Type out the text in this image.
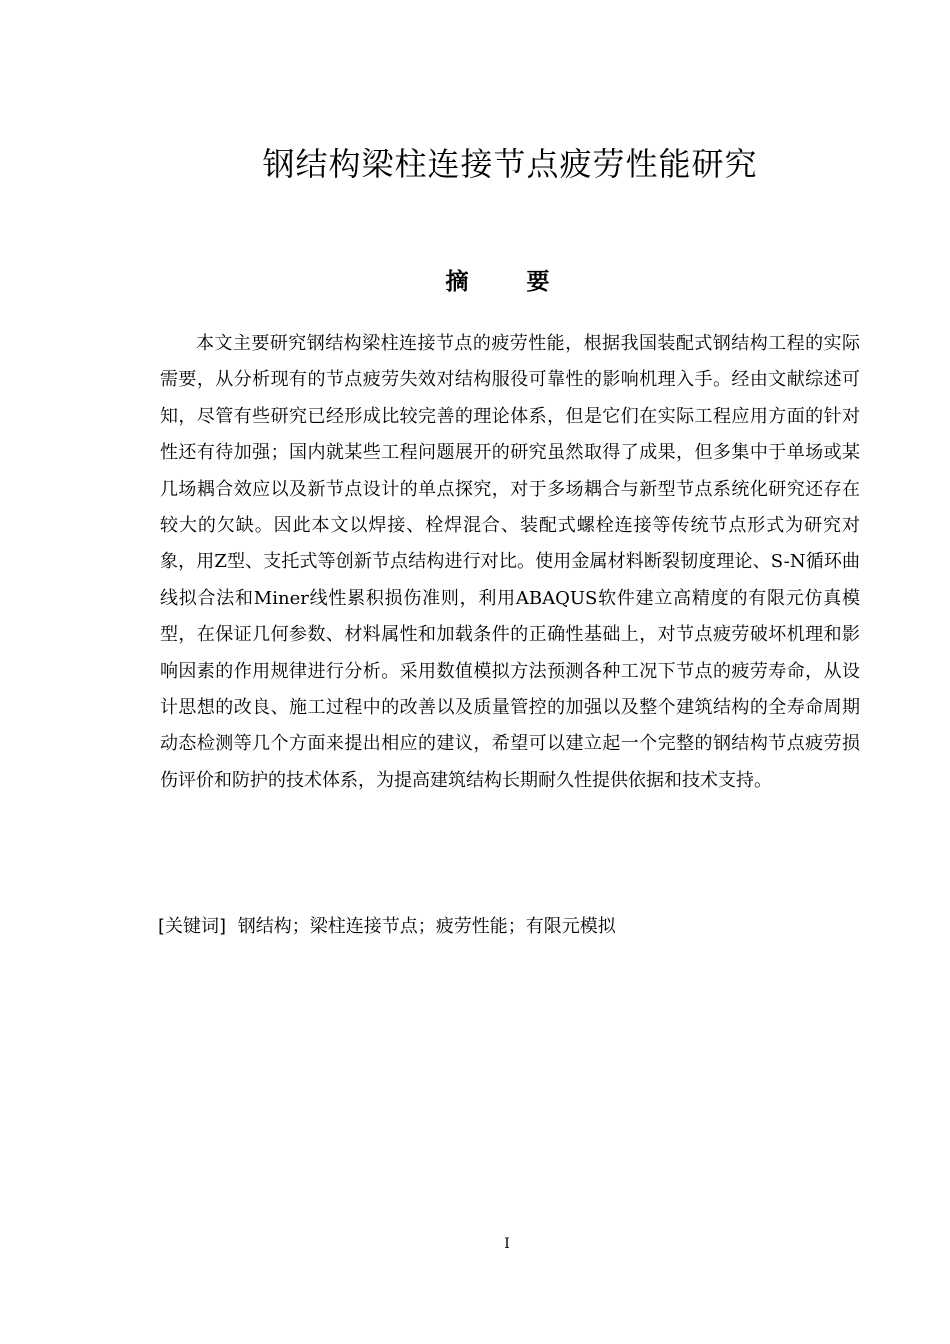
钢结构梁柱连接节点疲劳性能研究
摘 要

本文主要研究钢结构梁柱连接节点的疲劳性能，根据我国装配式钢结构工程的实际需要，从分析现有的节点疲劳失效对结构服役可靠性的影响机理入手。经由文献综述可知，尽管有些研究已经形成比较完善的理论体系，但是它们在实际工程应用方面的针对性还有待加强；国内就某些工程问题展开的研究虽然取得了成果，但多集中于单场或某几场耦合效应以及新节点设计的单点探究，对于多场耦合与新型节点系统化研究还存在较大的欠缺。因此本文以焊接、栓焊混合、装配式螺栓连接等传统节点形式为研究对象，用Z型、支托式等创新节点结构进行对比。使用金属材料断裂韧度理论、S-N循环曲线拟合法和Miner线性累积损伤准则，利用ABAQUS软件建立高精度的有限元仿真模型，在保证几何参数、材料属性和加载条件的正确性基础上，对节点疲劳破坏机理和影响因素的作用规律进行分析。采用数值模拟方法预测各种工况下节点的疲劳寿命，从设计思想的改良、施工过程中的改善以及质量管控的加强以及整个建筑结构的全寿命周期动态检测等几个方面来提出相应的建议，希望可以建立起一个完整的钢结构节点疲劳损伤评价和防护的技术体系，为提高建筑结构长期耐久性提供依据和技术支持。

[关键词] 钢结构；梁柱连接节点；疲劳性能；有限元模拟
I
